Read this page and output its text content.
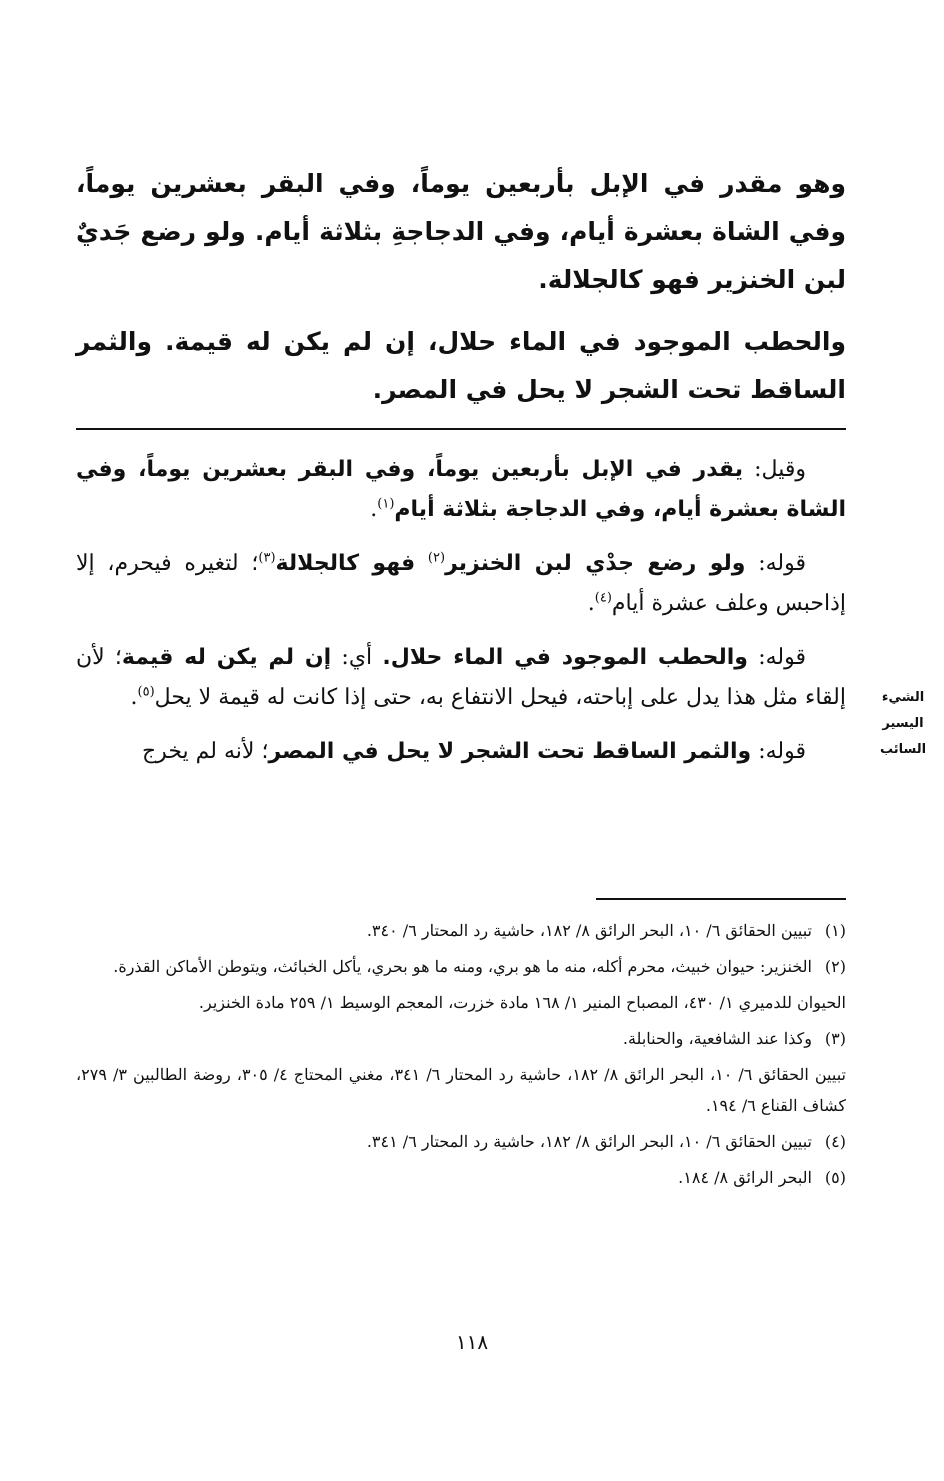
وهو مقدر في الإبل بأربعين يوماً، وفي البقر بعشرين يوماً، وفي الشاة بعشرة أيام، وفي الدجاجةِ بثلاثة أيام. ولو رضع جَديٌ لبن الخنزير فهو كالجلالة.

والحطب الموجود في الماء حلال، إن لم يكن له قيمة. والثمر الساقط تحت الشجر لا يحل في المصر.

وقيل: يقدر في الإبل بأربعين يوماً، وفي البقر بعشرين يوماً، وفي الشاة بعشرة أيام، وفي الدجاجة بثلاثة أيام$^{(١)}$.

قوله: ولو رضع جدْي لبن الخنزير$^{(٢)}$ فهو كالجلالة$^{(٣)}$؛ لتغيره فيحرم، إلا إذاحبس وعلف عشرة أيام$^{(٤)}$.

قوله: والحطب الموجود في الماء حلال. أي: إن لم يكن له قيمة؛ لأن إلقاء مثل هذا يدل على إباحته، فيحل الانتفاع به، حتى إذا كانت له قيمة لا يحل$^{(٥)}$.

قوله: والثمر الساقط تحت الشجر لا يحل في المصر؛ لأنه لم يخرج

الشيء
اليسير
السائب
(١)
تبيين الحقائق ٦/ ١٠، البحر الرائق ٨/ ١٨٢، حاشية رد المحتار ٦/ ٣٤٠.
(٢)
الخنزير: حيوان خبيث، محرم أكله، منه ما هو بري، ومنه ما هو بحري، يأكل الخبائث، ويتوطن الأماكن القذرة.

الحيوان للدميري ١/ ٤٣٠، المصباح المنير ١/ ١٦٨ مادة خزرت، المعجم الوسيط ١/ ٢٥٩ مادة الخنزير.

(٣)
وكذا عند الشافعية، والحنابلة.

تبيين الحقائق ٦/ ١٠، البحر الرائق ٨/ ١٨٢، حاشية رد المحتار ٦/ ٣٤١، مغني المحتاج ٤/ ٣٠٥، روضة الطالبين ٣/ ٢٧٩، كشاف القناع ٦/ ١٩٤.

(٤)
تبيين الحقائق ٦/ ١٠، البحر الرائق ٨/ ١٨٢، حاشية رد المحتار ٦/ ٣٤١.
(٥)
البحر الرائق ٨/ ١٨٤.
١١٨
